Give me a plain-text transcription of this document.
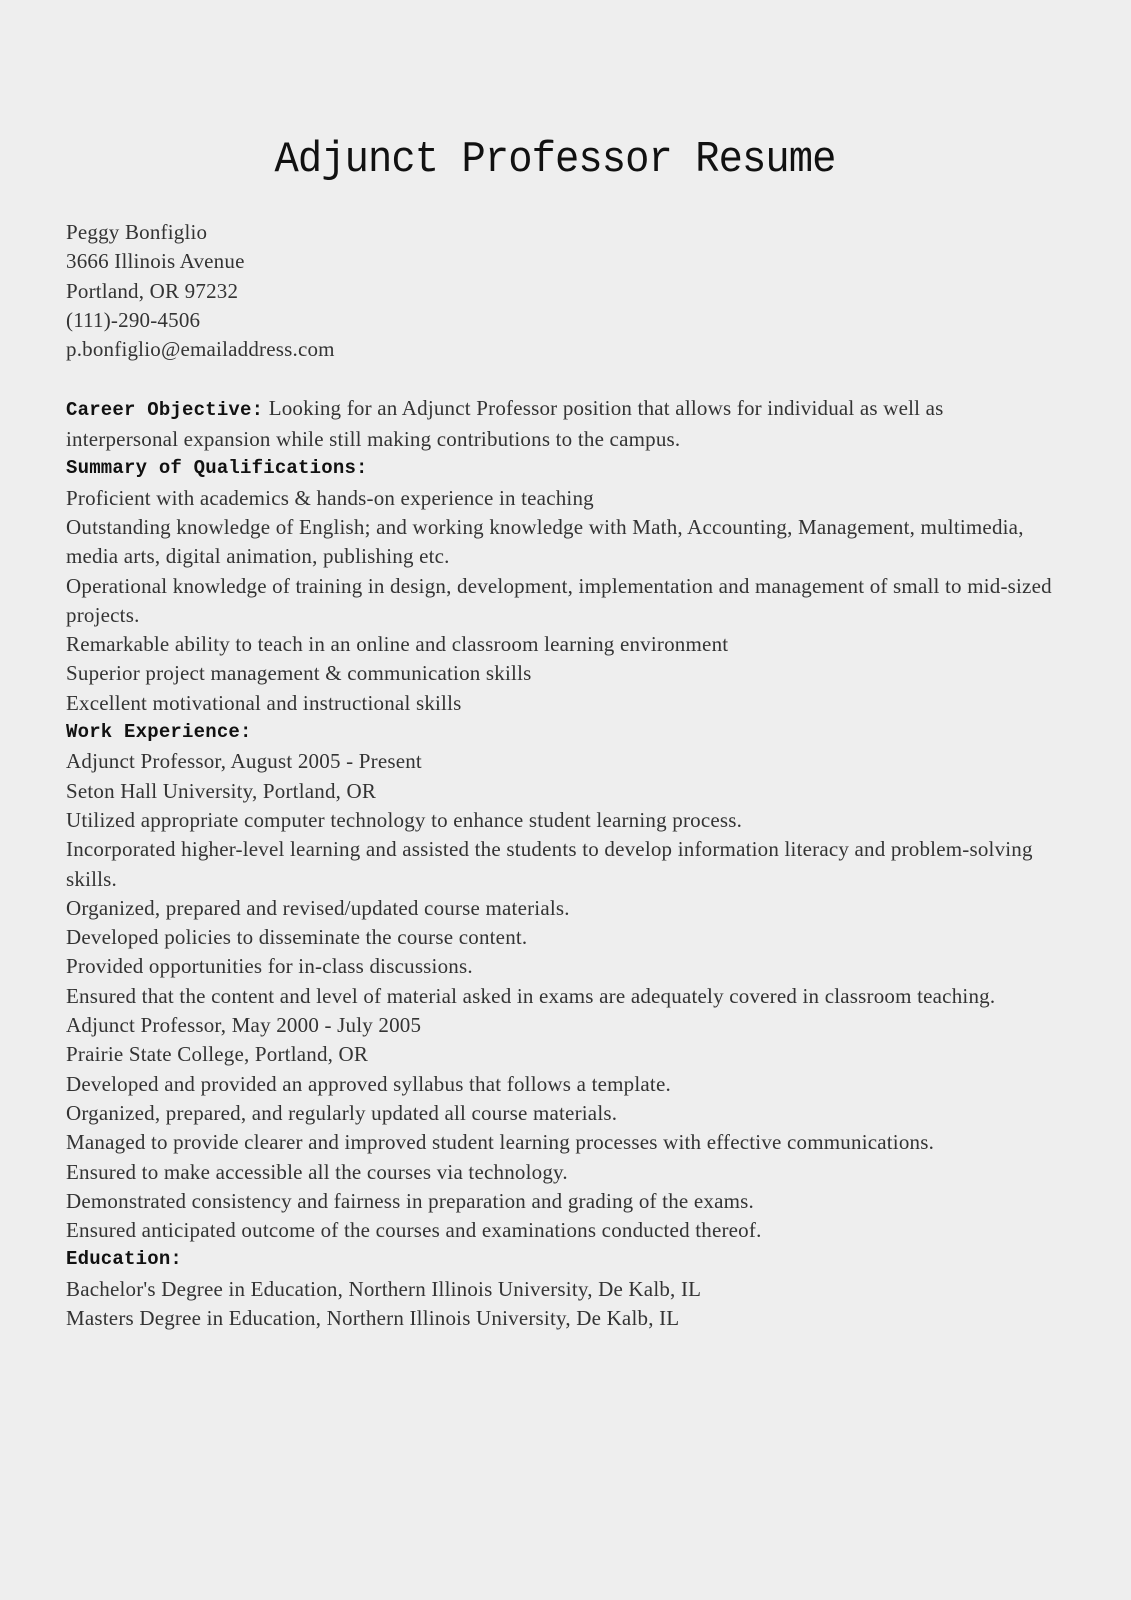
Adjunct Professor Resume
Peggy Bonfiglio
3666 Illinois Avenue
Portland, OR 97232
(111)-290-4506
p.bonfiglio@emailaddress.com
Career Objective: Looking for an Adjunct Professor position that allows for individual as well as interpersonal expansion while still making contributions to the campus.
Summary of Qualifications:
Proficient with academics & hands-on experience in teaching
Outstanding knowledge of English; and working knowledge with Math, Accounting, Management, multimedia, media arts, digital animation, publishing etc.
Operational knowledge of training in design, development, implementation and management of small to mid-sized projects.
Remarkable ability to teach in an online and classroom learning environment
Superior project management & communication skills
Excellent motivational and instructional skills
Work Experience:
Adjunct Professor, August 2005 - Present
Seton Hall University, Portland, OR
Utilized appropriate computer technology to enhance student learning process.
Incorporated higher-level learning and assisted the students to develop information literacy and problem-solving skills.
Organized, prepared and revised/updated course materials.
Developed policies to disseminate the course content.
Provided opportunities for in-class discussions.
Ensured that the content and level of material asked in exams are adequately covered in classroom teaching.
Adjunct Professor, May 2000 - July 2005
Prairie State College, Portland, OR
Developed and provided an approved syllabus that follows a template.
Organized, prepared, and regularly updated all course materials.
Managed to provide clearer and improved student learning processes with effective communications.
Ensured to make accessible all the courses via technology.
Demonstrated consistency and fairness in preparation and grading of the exams.
Ensured anticipated outcome of the courses and examinations conducted thereof.
Education:
Bachelor's Degree in Education, Northern Illinois University, De Kalb, IL
Masters Degree in Education, Northern Illinois University, De Kalb, IL
